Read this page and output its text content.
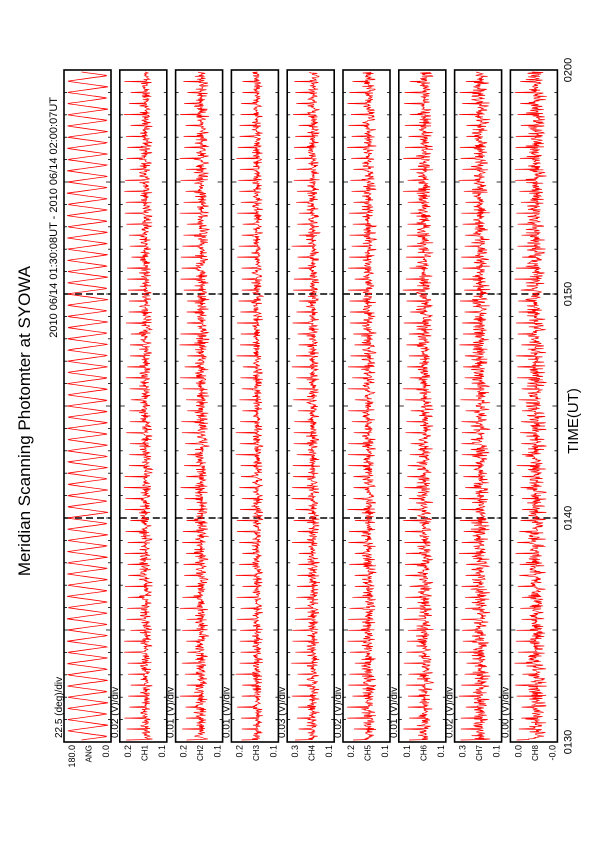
Meridian Scanning Photomter at SYOWA
2010 06/14 01:30:08UT - 2010 06/14 02:00:07UT
22.5 (deg)/div
180.0	0.0
ANG
0.02 (V)/div
0.2	0.1
CH1
0.01 (V)/div
0.2	0.1
CH2
0.01 (V)/div
0.2	0.1
CH3
0.03 (V)/div
0.3	0.1
CH4
0.02 (V)/div
0.2	0.1
CH5
0.01 (V)/div
0.1	0.1
CH6
0.02 (V)/div
0.3	0.1
CH7
0.00 (V)/div
0.0	-0.0
CH8 0130
0140
0150
0200
TIME(UT)
